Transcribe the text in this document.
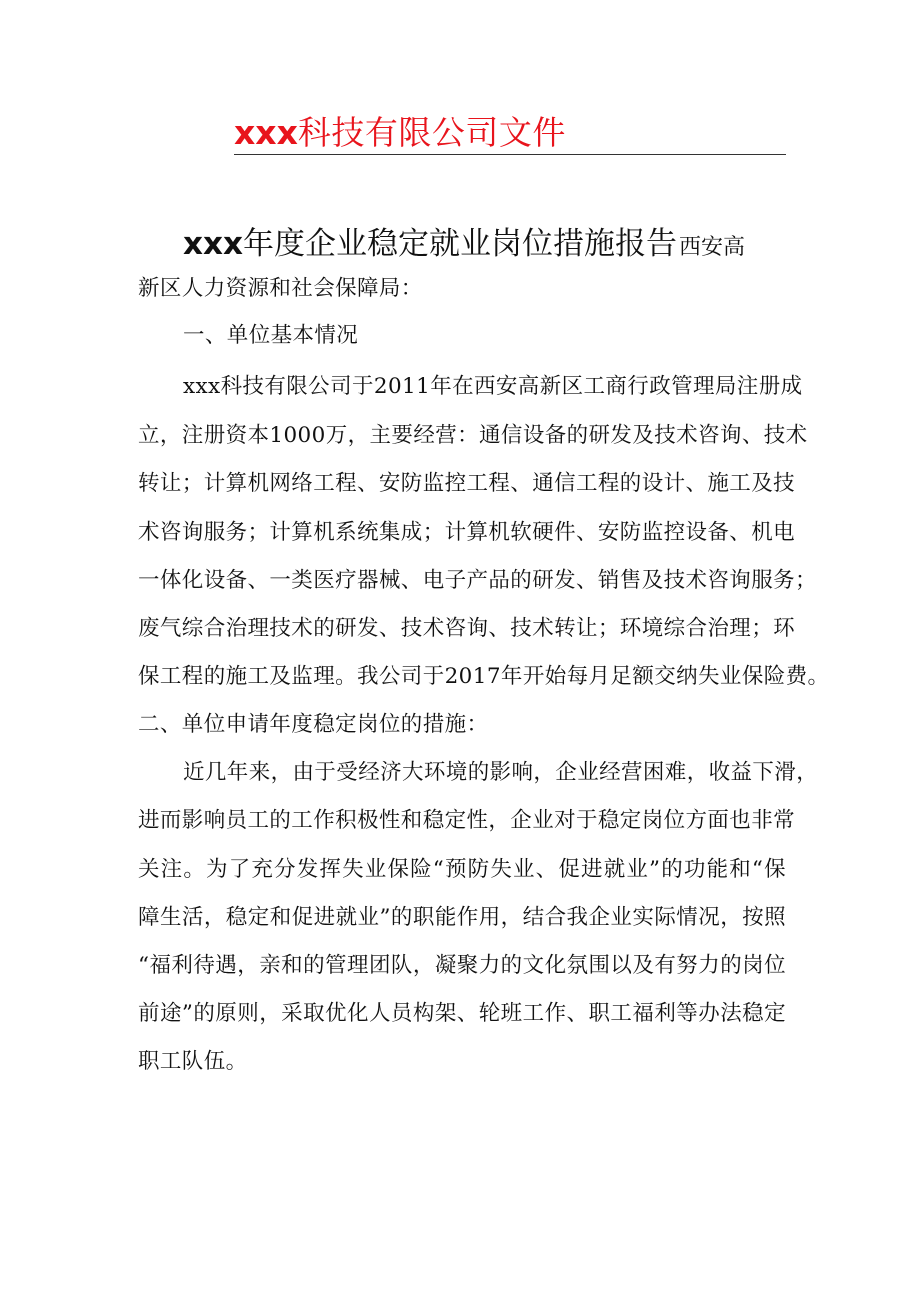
xxx科技有限公司文件
xxx年度企业稳定就业岗位措施报告西安高
新区人力资源和社会保障局：
一、单位基本情况
xxx科技有限公司于2011年在西安高新区工商行政管理局注册成
立，注册资本1000万，主要经营：通信设备的研发及技术咨询、技术
转让；计算机网络工程、安防监控工程、通信工程的设计、施工及技
术咨询服务；计算机系统集成；计算机软硬件、安防监控设备、机电
一体化设备、一类医疗器械、电子产品的研发、销售及技术咨询服务；
废气综合治理技术的研发、技术咨询、技术转让；环境综合治理；环
保工程的施工及监理。我公司于2017年开始每月足额交纳失业保险费。
二、单位申请年度稳定岗位的措施：
近几年来，由于受经济大环境的影响，企业经营困难，收益下滑，
进而影响员工的工作积极性和稳定性，企业对于稳定岗位方面也非常
关注。为了充分发挥失业保险“预防失业、促进就业”的功能和“保
障生活，稳定和促进就业”的职能作用，结合我企业实际情况，按照
“福利待遇，亲和的管理团队，凝聚力的文化氛围以及有努力的岗位
前途”的原则，采取优化人员构架、轮班工作、职工福利等办法稳定
职工队伍。
